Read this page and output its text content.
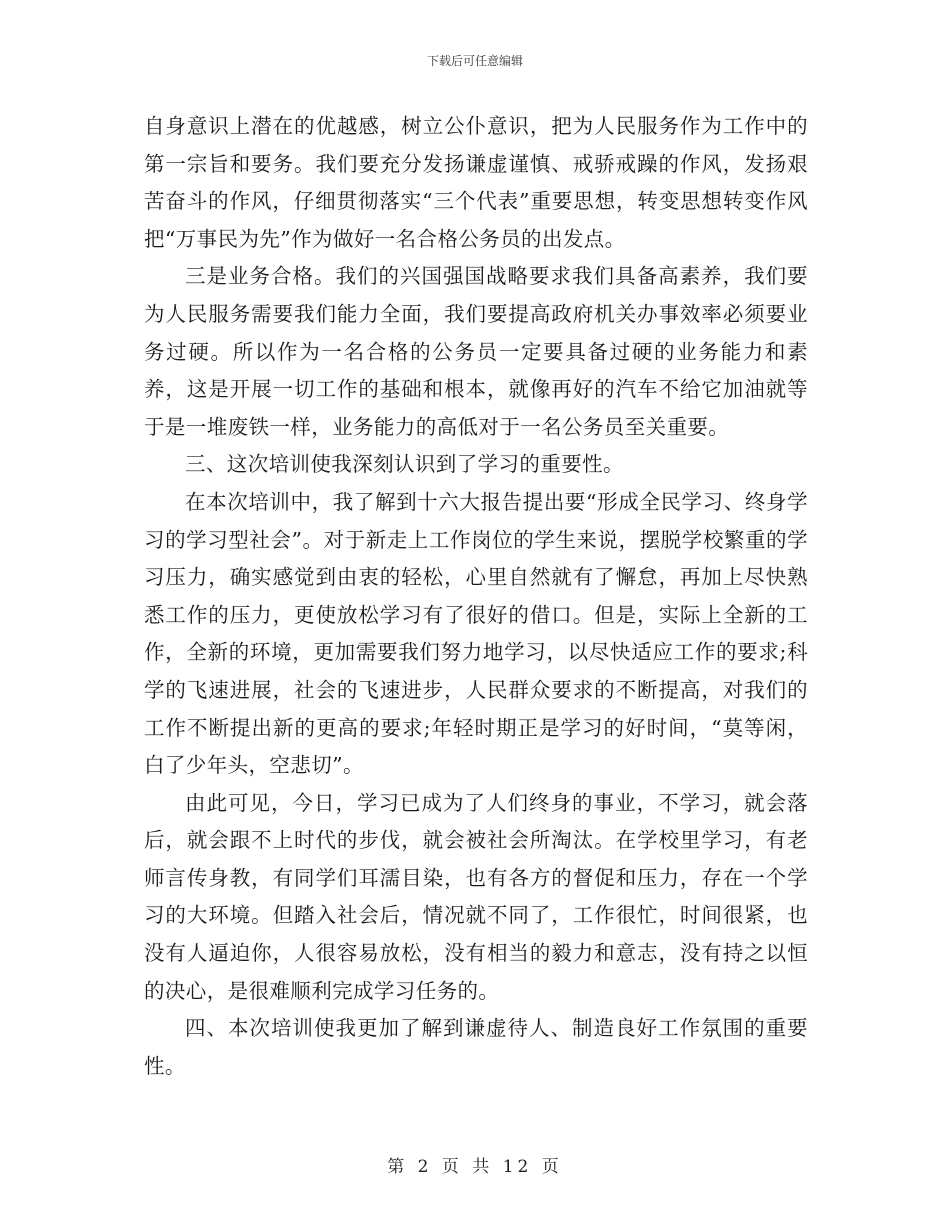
下载后可任意编辑

自身意识上潜在的优越感，树立公仆意识，把为人民服务作为工作中的第一宗旨和要务。我们要充分发扬谦虚谨慎、戒骄戒躁的作风，发扬艰苦奋斗的作风，仔细贯彻落实“三个代表”重要思想，转变思想转变作风把“万事民为先”作为做好一名合格公务员的出发点。

三是业务合格。我们的兴国强国战略要求我们具备高素养，我们要为人民服务需要我们能力全面，我们要提高政府机关办事效率必须要业务过硬。所以作为一名合格的公务员一定要具备过硬的业务能力和素养，这是开展一切工作的基础和根本，就像再好的汽车不给它加油就等于是一堆废铁一样，业务能力的高低对于一名公务员至关重要。

三、这次培训使我深刻认识到了学习的重要性。

在本次培训中，我了解到十六大报告提出要“形成全民学习、终身学习的学习型社会”。对于新走上工作岗位的学生来说，摆脱学校繁重的学习压力，确实感觉到由衷的轻松，心里自然就有了懈怠，再加上尽快熟悉工作的压力，更使放松学习有了很好的借口。但是，实际上全新的工作，全新的环境，更加需要我们努力地学习，以尽快适应工作的要求;科学的飞速进展，社会的飞速进步，人民群众要求的不断提高，对我们的工作不断提出新的更高的要求;年轻时期正是学习的好时间，“莫等闲，白了少年头，空悲切”。

由此可见，今日，学习已成为了人们终身的事业，不学习，就会落后，就会跟不上时代的步伐，就会被社会所淘汰。在学校里学习，有老师言传身教，有同学们耳濡目染，也有各方的督促和压力，存在一个学习的大环境。但踏入社会后，情况就不同了，工作很忙，时间很紧，也没有人逼迫你，人很容易放松，没有相当的毅力和意志，没有持之以恒的决心，是很难顺利完成学习任务的。

四、本次培训使我更加了解到谦虚待人、制造良好工作氛围的重要性。

第 2 页 共 12 页
